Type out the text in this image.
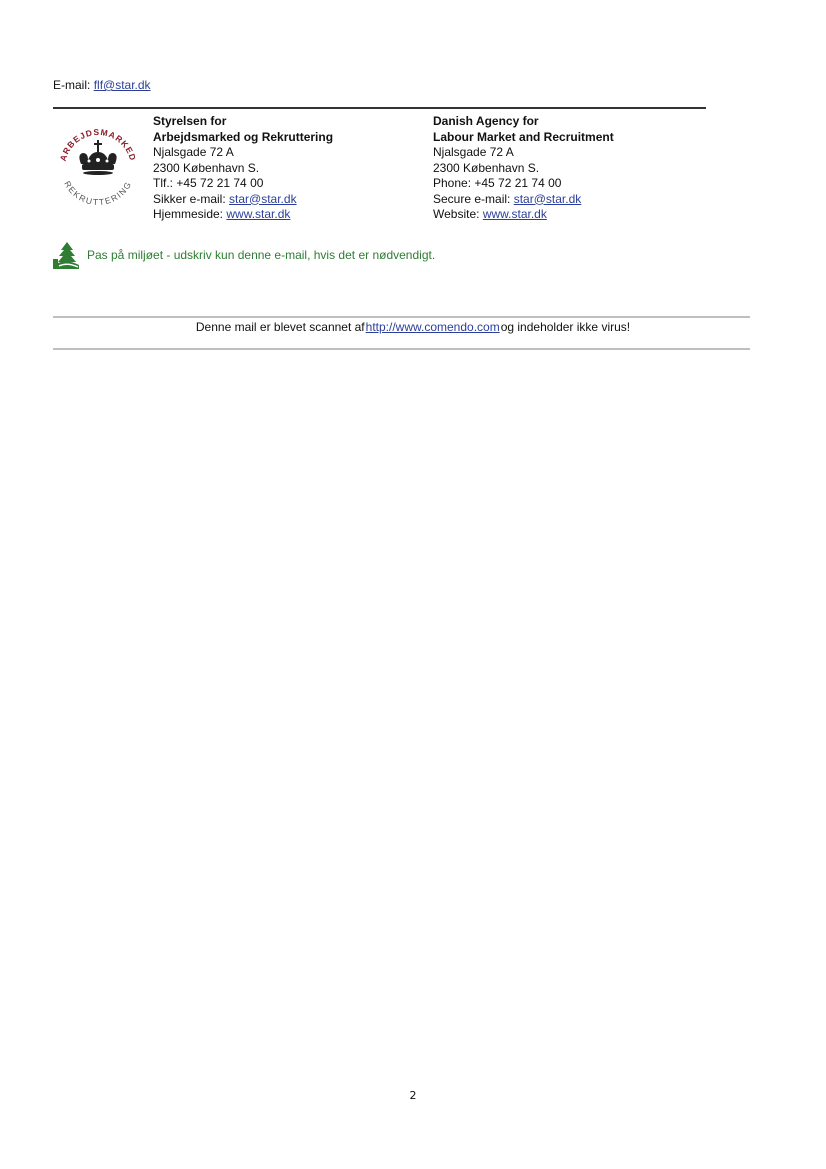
E-mail: flf@star.dk
ARBEJDSMARKED
REKRUTTERING
Styrelsen for
Arbejdsmarked og Rekruttering
Njalsgade 72 A
2300 København S.
Tlf.: +45 72 21 74 00
Sikker e-mail: star@star.dk
Hjemmeside: www.star.dk
Danish Agency for
Labour Market and Recruitment
Njalsgade 72 A
2300 København S.
Phone: +45 72 21 74 00
Secure e-mail: star@star.dk
Website: www.star.dk
Pas på miljøet - udskriv kun denne e-mail, hvis det er nødvendigt.
Denne mail er blevet scannet afhttp://www.comendo.comog indeholder ikke virus!
2
